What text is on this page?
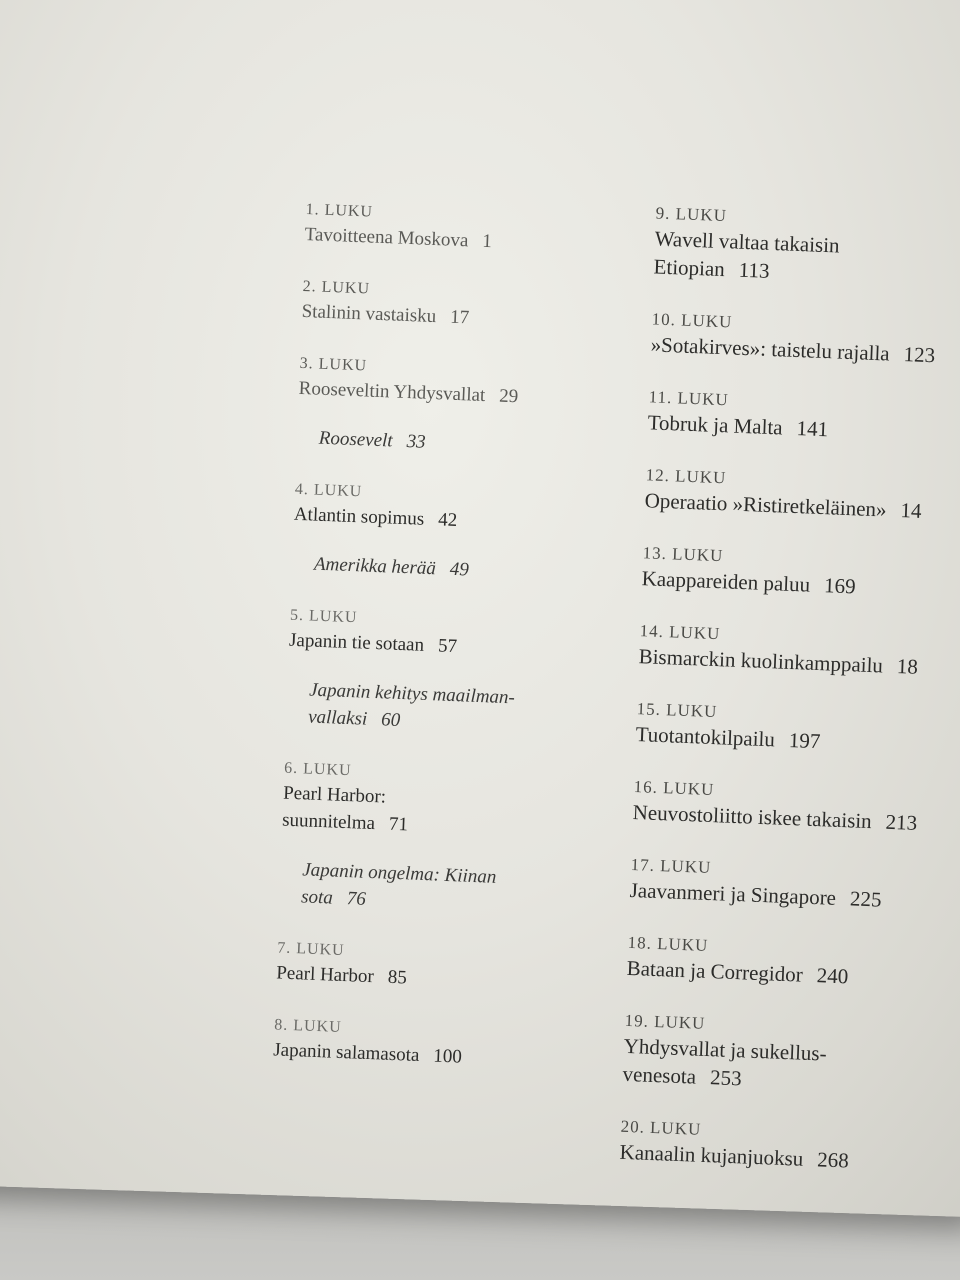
1. LUKU
Tavoitteena Moskova 1
2. LUKU
Stalinin vastaisku 17
3. LUKU
Rooseveltin Yhdysvallat 29
Roosevelt 33
4. LUKU
Atlantin sopimus 42
Amerikka herää 49
5. LUKU
Japanin tie sotaan 57
Japanin kehitys maailman-
vallaksi 60
6. LUKU
Pearl Harbor:
suunnitelma 71
Japanin ongelma: Kiinan
sota 76
7. LUKU
Pearl Harbor 85
8. LUKU
Japanin salamasota 100
9. LUKU
Wavell valtaa takaisin
Etiopian 113
10. LUKU
»Sotakirves»: taistelu rajalla 123
11. LUKU
Tobruk ja Malta 141
12. LUKU
Operaatio »Ristiretkeläinen» 14
13. LUKU
Kaappareiden paluu 169
14. LUKU
Bismarckin kuolinkamppailu 18
15. LUKU
Tuotantokilpailu 197
16. LUKU
Neuvostoliitto iskee takaisin 213
17. LUKU
Jaavanmeri ja Singapore 225
18. LUKU
Bataan ja Corregidor 240
19. LUKU
Yhdysvallat ja sukellus-
venesota 253
20. LUKU
Kanaalin kujanjuoksu 268
